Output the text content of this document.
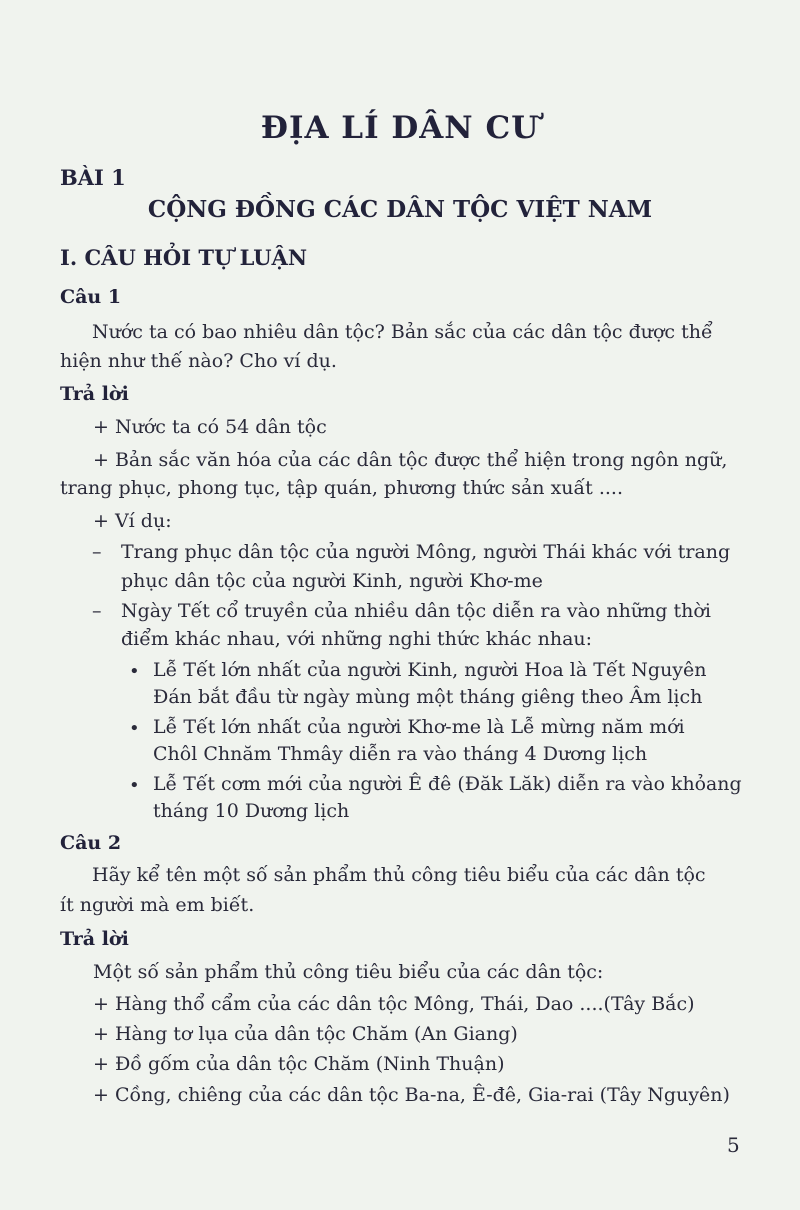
ĐỊA LÍ DÂN CƯ
BÀI 1
CỘNG ĐỒNG CÁC DÂN TỘC VIỆT NAM
I. CÂU HỎI TỰ LUẬN
Câu 1
Nước ta có bao nhiêu dân tộc? Bản sắc của các dân tộc được thể
hiện như thế nào? Cho ví dụ.
Trả lời
+ Nước ta có 54 dân tộc
+ Bản sắc văn hóa của các dân tộc được thể hiện trong ngôn ngữ,
trang phục, phong tục, tập quán, phương thức sản xuất ....
+ Ví dụ:
– Trang phục dân tộc của người Mông, người Thái khác với trang
phục dân tộc của người Kinh, người Khơ-me
– Ngày Tết cổ truyền của nhiều dân tộc diễn ra vào những thời
điểm khác nhau, với những nghi thức khác nhau:
• Lễ Tết lớn nhất của người Kinh, người Hoa là Tết Nguyên
Đán bắt đầu từ ngày mùng một tháng giêng theo Âm lịch
• Lễ Tết lớn nhất của người Khơ-me là Lễ mừng năm mới
Chôl Chnăm Thmây diễn ra vào tháng 4 Dương lịch
• Lễ Tết cơm mới của người Ê đê (Đăk Lăk) diễn ra vào khỏang
tháng 10 Dương lịch
Câu 2
Hãy kể tên một số sản phẩm thủ công tiêu biểu của các dân tộc
ít người mà em biết.
Trả lời
Một số sản phẩm thủ công tiêu biểu của các dân tộc:
+ Hàng thổ cẩm của các dân tộc Mông, Thái, Dao ....(Tây Bắc)
+ Hàng tơ lụa của dân tộc Chăm (An Giang)
+ Đồ gốm của dân tộc Chăm (Ninh Thuận)
+ Cồng, chiêng của các dân tộc Ba-na, Ê-đê, Gia-rai (Tây Nguyên)
5
